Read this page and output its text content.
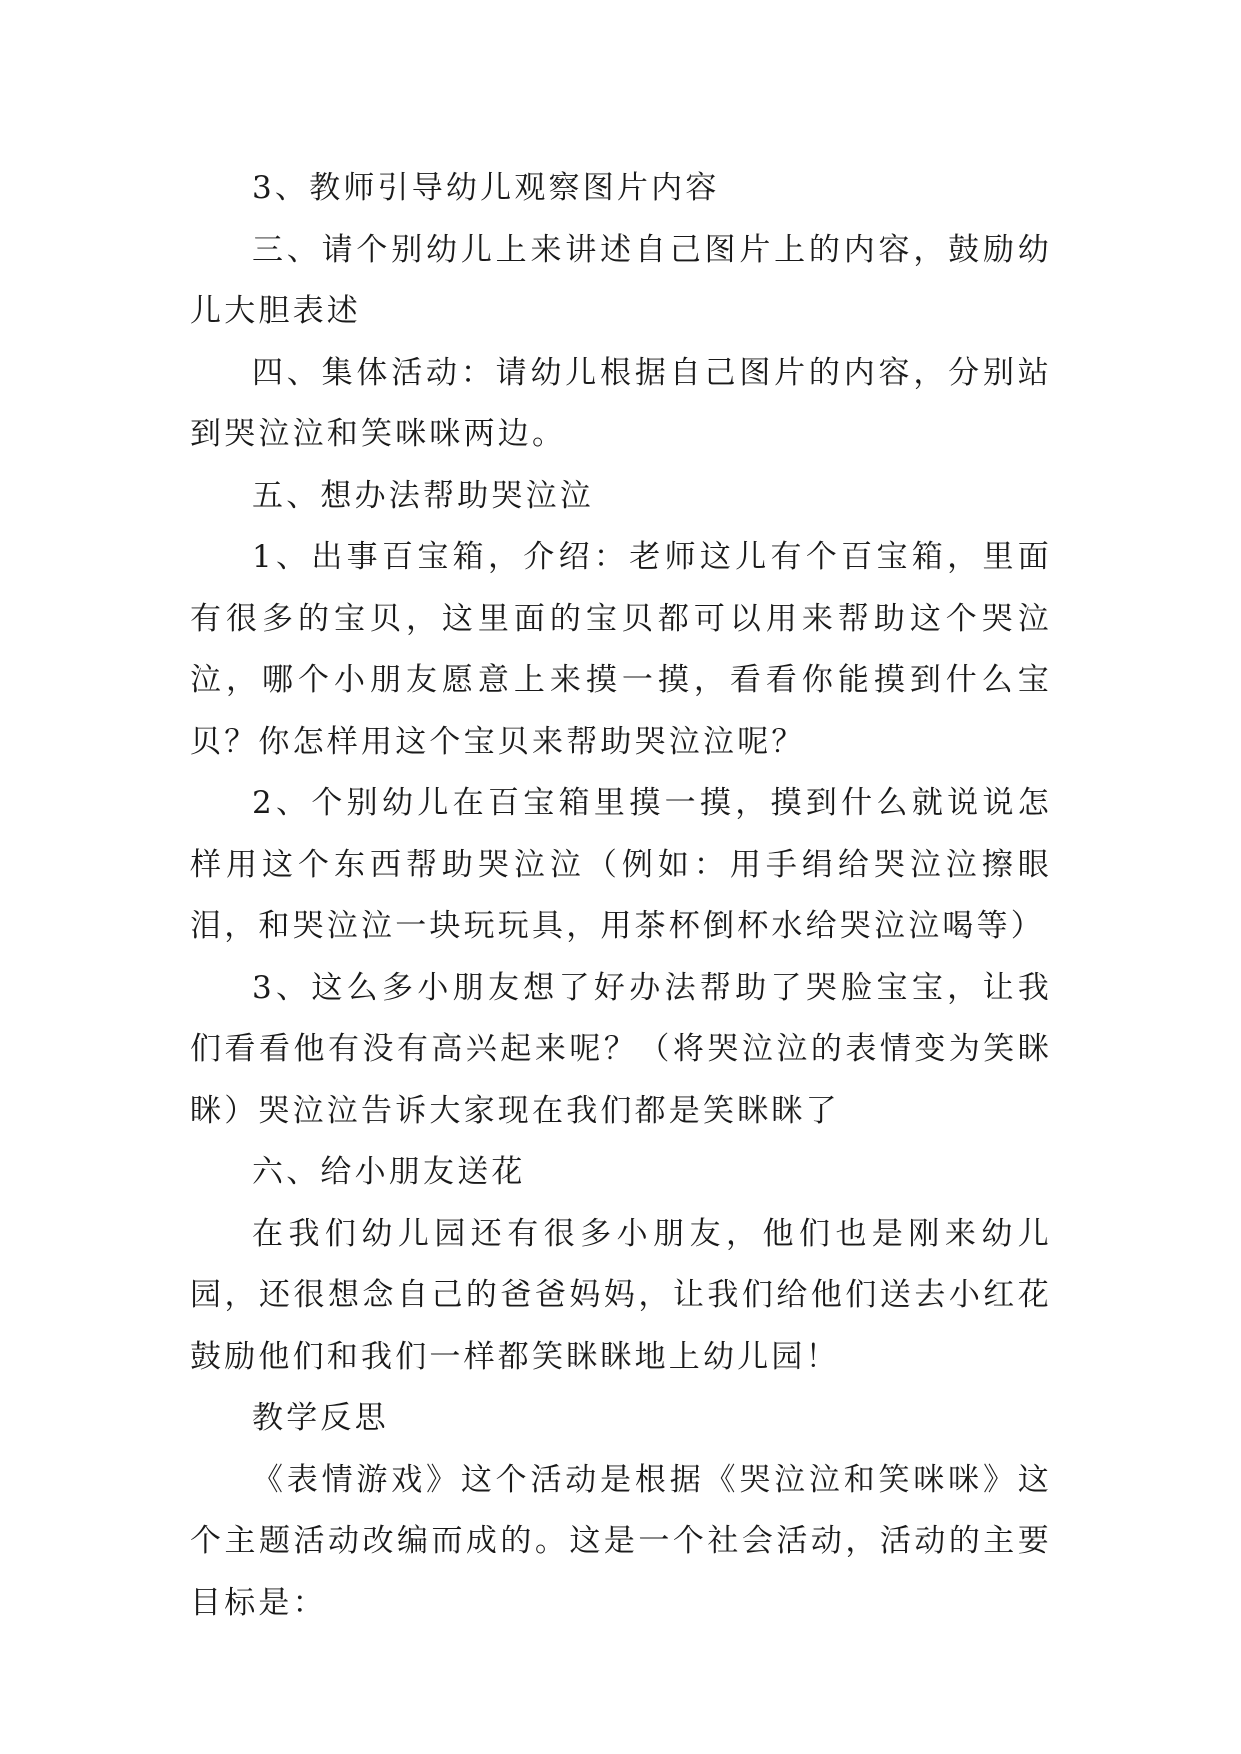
3、教师引导幼儿观察图片内容

三、请个别幼儿上来讲述自己图片上的内容，鼓励幼儿大胆表述

四、集体活动：请幼儿根据自己图片的内容，分别站到哭泣泣和笑咪咪两边。

五、想办法帮助哭泣泣

1、出事百宝箱，介绍：老师这儿有个百宝箱，里面有很多的宝贝，这里面的宝贝都可以用来帮助这个哭泣泣，哪个小朋友愿意上来摸一摸，看看你能摸到什么宝贝？你怎样用这个宝贝来帮助哭泣泣呢？

2、个别幼儿在百宝箱里摸一摸，摸到什么就说说怎样用这个东西帮助哭泣泣（例如：用手绢给哭泣泣擦眼泪，和哭泣泣一块玩玩具，用茶杯倒杯水给哭泣泣喝等）

3、这么多小朋友想了好办法帮助了哭脸宝宝，让我们看看他有没有高兴起来呢？（将哭泣泣的表情变为笑眯眯）哭泣泣告诉大家现在我们都是笑眯眯了

六、给小朋友送花

在我们幼儿园还有很多小朋友，他们也是刚来幼儿园，还很想念自己的爸爸妈妈，让我们给他们送去小红花鼓励他们和我们一样都笑眯眯地上幼儿园！

教学反思

《表情游戏》这个活动是根据《哭泣泣和笑咪咪》这个主题活动改编而成的。这是一个社会活动，活动的主要目标是：
